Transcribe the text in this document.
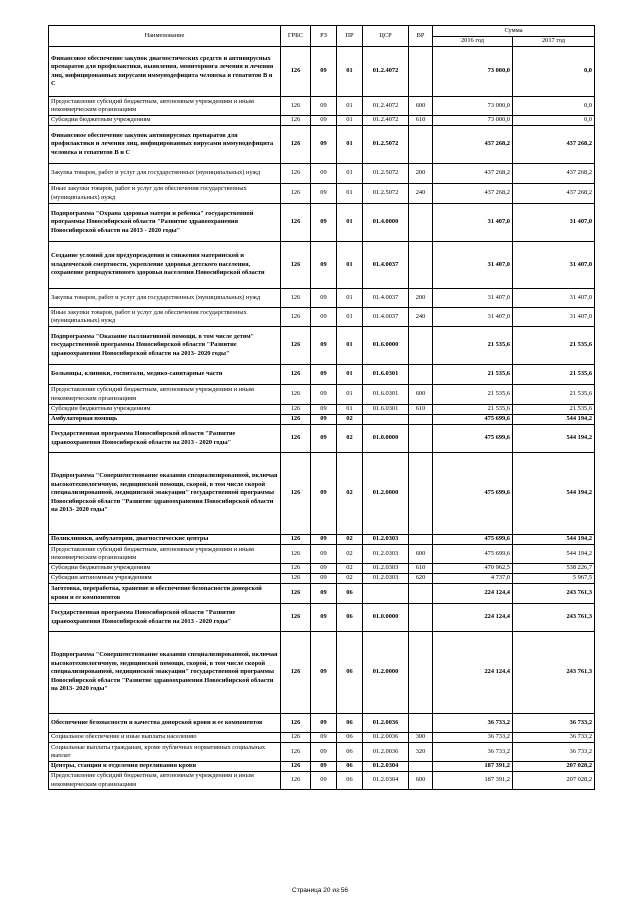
Наименование	ГРБС	РЗ	ПР	ЦСР	ВР	Сумма	
						2016 год	2017 год
Финансовое обеспечение закупок диагностических средств и антивирусных препаратов для профилактики, выявления, мониторинга лечения и лечения лиц, инфицированных вирусами иммунодефицита человека и гепатитов В и С	126	09	01	01.2.4072		73 000,0	0,0
Предоставление субсидий бюджетным, автономным учреждениям и иным некоммерческим организациям	126	09	01	01.2.4072	600	73 000,0	0,0
Субсидии бюджетным учреждениям	126	09	01	01.2.4072	610	73 000,0	0,0
Финансовое обеспечение закупок антивирусных препаратов для профилактики и лечения лиц, инфицированных вирусами иммунодефицита человека и гепатитов В и С	126	09	01	01.2.5072		437 268,2	437 268,2
Закупка товаров, работ и услуг для государственных (муниципальных) нужд	126	09	01	01.2.5072	200	437 268,2	437 268,2
Иные закупки товаров, работ и услуг для обеспечения государственных (муниципальных) нужд	126	09	01	01.2.5072	240	437 268,2	437 268,2
Подпрограмма "Охрана здоровья матери и ребенка" государственной программы Новосибирской области "Развитие здравоохранения Новосибирской области на 2013 - 2020 годы"	126	09	01	01.4.0000		31 407,0	31 407,0
Создание условий для предупреждения и снижения материнской и младенческой смертности, укрепление здоровья детского населения, сохранение репродуктивного здоровья населения Новосибирской области	126	09	01	01.4.0037		31 407,0	31 407,0
Закупка товаров, работ и услуг для государственных (муниципальных) нужд	126	09	01	01.4.0037	200	31 407,0	31 407,0
Иные закупки товаров, работ и услуг для обеспечения государственных (муниципальных) нужд	126	09	01	01.4.0037	240	31 407,0	31 407,0
Подпрограмма "Оказание паллиативной помощи, в том числе детям" государственной программы Новосибирской области "Развитие здравоохранения Новосибирской области на 2013- 2020 годы"	126	09	01	01.6.0000		21 535,6	21 535,6
Больницы, клиники, госпитали, медико-санитарные части	126	09	01	01.6.0301		21 535,6	21 535,6
Предоставление субсидий бюджетным, автономным учреждениям и иным некоммерческим организациям	126	09	01	01.6.0301	600	21 535,6	21 535,6
Субсидии бюджетным учреждениям	126	09	01	01.6.0301	610	21 535,6	21 535,6
Амбулаторная помощь	126	09	02			475 699,6	544 194,2
Государственная программа Новосибирской области "Развитие здравоохранения Новосибирской области на 2013 - 2020 годы"	126	09	02	01.0.0000		475 699,6	544 194,2
Подпрограмма "Совершенствование оказания специализированной, включая высокотехнологичную, медицинской помощи, скорой, в том числе скорой специализированной, медицинской эвакуации" государственной программы Новосибирской области "Развитие здравоохранения Новосибирской области на 2013- 2020 годы"	126	09	02	01.2.0000		475 699,6	544 194,2
Поликлиники, амбулатории, диагностические центры	126	09	02	01.2.0303		475 699,6	544 194,2
Предоставление субсидий бюджетным, автономным учреждениям и иным некоммерческим организациям	126	09	02	01.2.0303	600	475 699,6	544 194,2
Субсидии бюджетным учреждениям	126	09	02	01.2.0303	610	470 962,5	538 226,7
Субсидии автономным учреждениям	126	09	02	01.2.0303	620	4 737,0	5 967,5
Заготовка, переработка, хранение и обеспечение безопасности донорской крови и ее компонентов	126	09	06			224 124,4	243 761,3
Государственная программа Новосибирской области "Развитие здравоохранения Новосибирской области на 2013 - 2020 годы"	126	09	06	01.0.0000		224 124,4	243 761,3
Подпрограмма "Совершенствование оказания специализированной, включая высокотехнологичную, медицинской помощи, скорой, в том числе скорой специализированной, медицинской эвакуации" государственной программы Новосибирской области "Развитие здравоохранения Новосибирской области на 2013- 2020 годы"	126	09	06	01.2.0000		224 124,4	243 761,3
Обеспечение безопасности и качества донорской крови и ее компонентов	126	09	06	01.2.0036		36 733,2	36 733,2
Социальное обеспечение и иные выплаты населению	126	09	06	01.2.0036	300	36 733,2	36 733,2
Социальные выплаты гражданам, кроме публичных нормативных социальных выплат	126	09	06	01.2.0036	320	36 733,2	36 733,2
Центры, станции и отделения переливания крови	126	09	06	01.2.0304		187 391,2	207 028,2
Предоставление субсидий бюджетным, автономным учреждениям и иным некоммерческим организациям	126	09	06	01.2.0304	600	187 391,2	207 028,2
Страница 20 из 56
